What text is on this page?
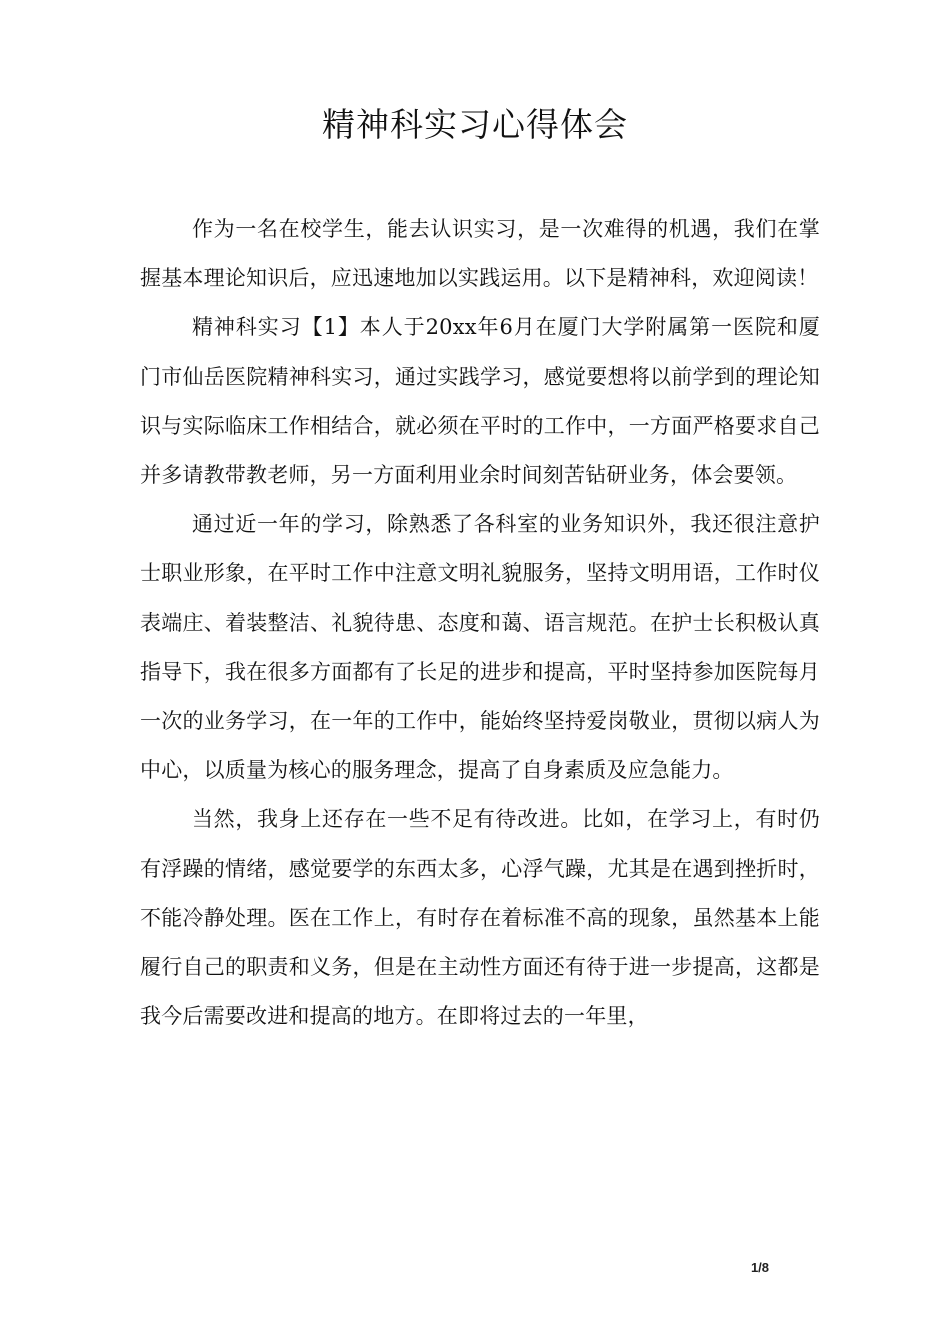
精神科实习心得体会

作为一名在校学生，能去认识实习，是一次难得的机遇，我们在掌握基本理论知识后，应迅速地加以实践运用。以下是精神科，欢迎阅读！

精神科实习【1】本人于20xx年6月在厦门大学附属第一医院和厦门市仙岳医院精神科实习，通过实践学习，感觉要想将以前学到的理论知识与实际临床工作相结合，就必须在平时的工作中，一方面严格要求自己并多请教带教老师，另一方面利用业余时间刻苦钻研业务，体会要领。

通过近一年的学习，除熟悉了各科室的业务知识外，我还很注意护士职业形象，在平时工作中注意文明礼貌服务，坚持文明用语，工作时仪表端庄、着装整洁、礼貌待患、态度和蔼、语言规范。在护士长积极认真指导下，我在很多方面都有了长足的进步和提高，平时坚持参加医院每月一次的业务学习，在一年的工作中，能始终坚持爱岗敬业，贯彻以病人为中心，以质量为核心的服务理念，提高了自身素质及应急能力。

当然，我身上还存在一些不足有待改进。比如，在学习上，有时仍有浮躁的情绪，感觉要学的东西太多，心浮气躁，尤其是在遇到挫折时，不能冷静处理。医在工作上，有时存在着标准不高的现象，虽然基本上能履行自己的职责和义务，但是在主动性方面还有待于进一步提高，这都是我今后需要改进和提高的地方。在即将过去的一年里，

1/8
